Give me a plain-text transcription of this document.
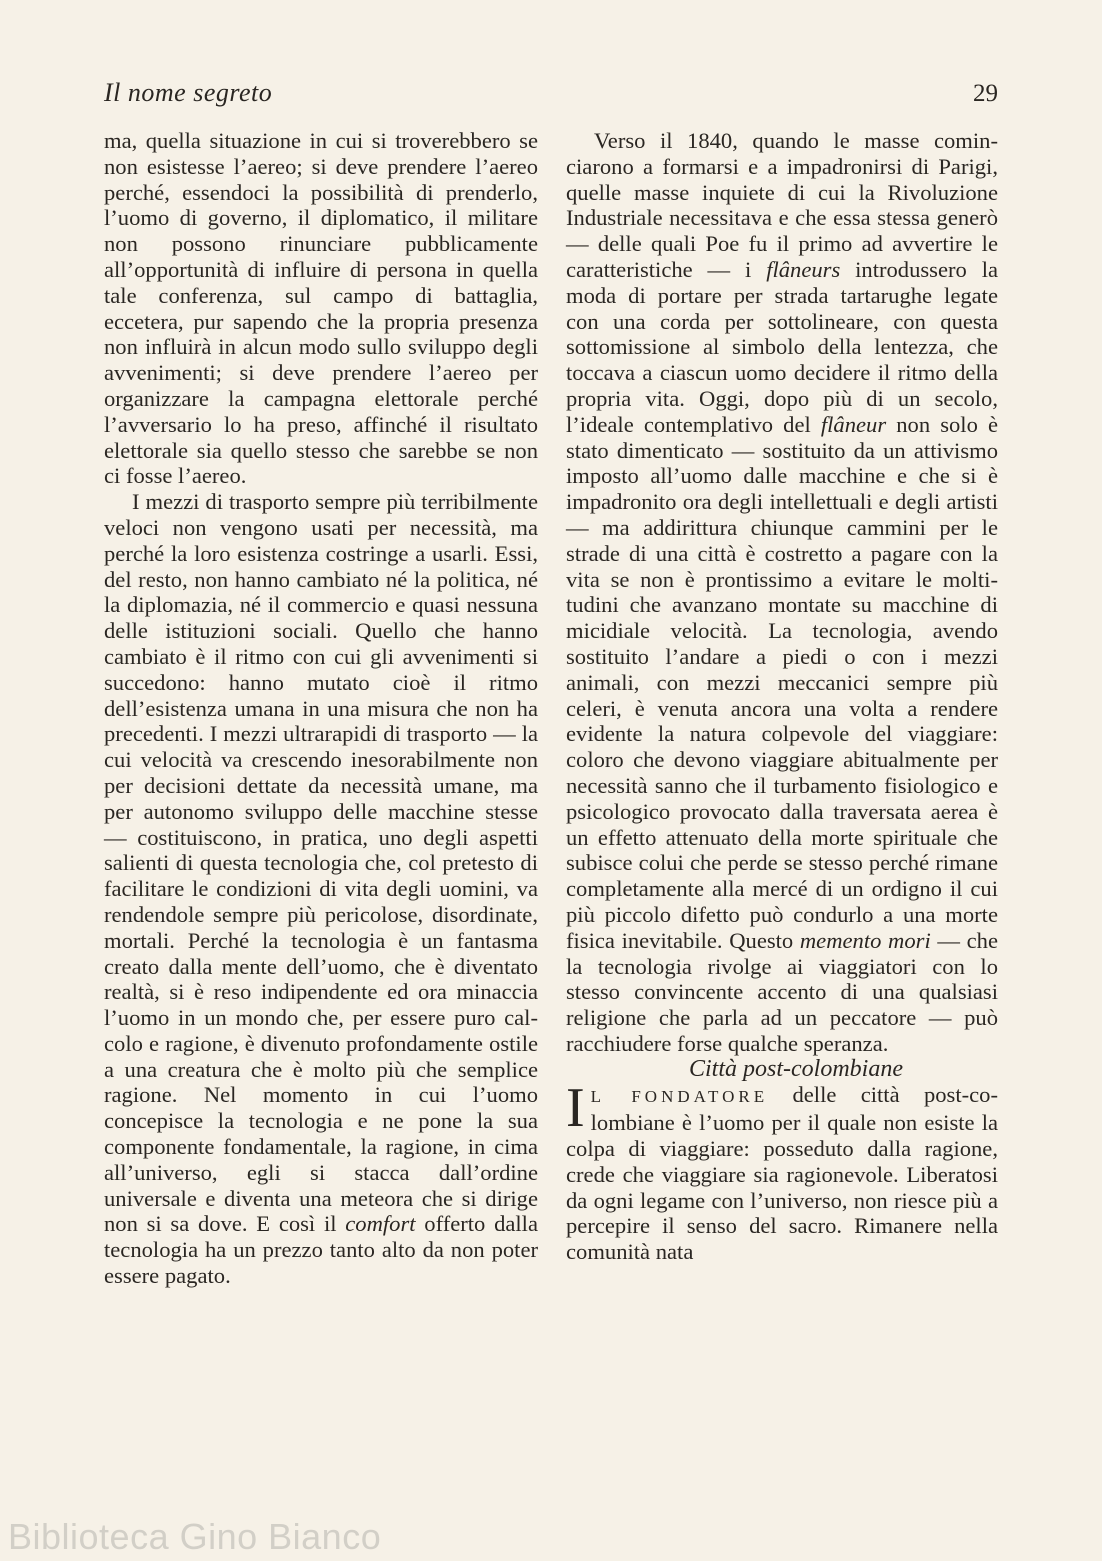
Il nome segreto	29

ma, quella situazione in cui si troverebbero se non esistesse l’aereo; si deve prendere l’aereo perché, essendoci la possibilità di prenderlo, l’uomo di governo, il diplomatico, il militare non possono rinunciare pubblicamente all’opportunità di influire di persona in quella tale conferenza, sul campo di battaglia, eccetera, pur sapendo che la propria presenza non influirà in alcun modo sullo sviluppo degli avvenimenti; si deve prendere l’aereo per organizzare la campagna elettorale perché l’avversario lo ha preso, affinché il risultato elettorale sia quello stesso che sarebbe se non ci fosse l’aereo.

I mezzi di trasporto sempre più terribilmente veloci non vengono usati per necessità, ma perché la loro esistenza costringe a usarli. Essi, del resto, non hanno cambiato né la politica, né la diplomazia, né il commercio e quasi nessuna delle istituzioni sociali. Quello che hanno cambiato è il ritmo con cui gli avvenimenti si succedono: hanno mutato cioè il ritmo dell’esistenza umana in una misura che non ha precedenti. I mezzi ultrarapidi di trasporto — la cui velocità va crescendo inesorabilmente non per decisioni dettate da necessità umane, ma per autonomo sviluppo delle macchine stesse — costituiscono, in pratica, uno degli aspetti salienti di questa tecnologia che, col pretesto di facilitare le condizioni di vita degli uomini, va rendendole sempre più pericolose, disordinate, mortali. Perché la tecnologia è un fantasma creato dalla mente dell’uomo, che è diventato realtà, si è reso indipendente ed ora minaccia l’uomo in un mondo che, per essere puro calcolo e ragione, è divenuto profondamente ostile a una creatura che è molto più che semplice ragione. Nel momento in cui l’uomo concepisce la tecnologia e ne pone la sua componente fondamentale, la ragione, in cima all’universo, egli si stacca dall’ordine universale e diventa una meteora che si dirige non si sa dove. E così il comfort offerto dalla tecnologia ha un prezzo tanto alto da non poter essere pagato.

Verso il 1840, quando le masse cominciarono a formarsi e a impadronirsi di Parigi, quelle masse inquiete di cui la Rivoluzione Industriale necessitava e che essa stessa generò — delle quali Poe fu il primo ad avvertire le caratteristiche — i flâneurs introdussero la moda di portare per strada tartarughe legate con una corda per sottolineare, con questa sottomissione al simbolo della lentezza, che toccava a ciascun uomo decidere il ritmo della propria vita. Oggi, dopo più di un secolo, l’ideale contemplativo del flâneur non solo è stato dimenticato — sostituito da un attivismo imposto all’uomo dalle macchine e che si è impadronito ora degli intellettuali e degli artisti — ma addirittura chiunque cammini per le strade di una città è costretto a pagare con la vita se non è prontissimo a evitare le moltitudini che avanzano montate su macchine di micidiale velocità. La tecnologia, avendo sostituito l’andare a piedi o con i mezzi animali, con mezzi meccanici sempre più celeri, è venuta ancora una volta a rendere evidente la natura colpevole del viaggiare: coloro che devono viaggiare abitualmente per necessità sanno che il turbamento fisiologico e psicologico provocato dalla traversata aerea è un effetto attenuato della morte spirituale che subisce colui che perde se stesso perché rimane completamente alla mercé di un ordigno il cui più piccolo difetto può condurlo a una morte fisica inevitabile. Questo memento mori — che la tecnologia rivolge ai viaggiatori con lo stesso convincente accento di una qualsiasi religione che parla ad un peccatore — può racchiudere forse qualche speranza.

Città post-colombiane

I L FONDATORE delle città post-colombiane è l’uomo per il quale non esiste la colpa di viaggiare: posseduto dalla ragione, crede che viaggiare sia ragionevole. Liberatosi da ogni legame con l’universo, non riesce più a percepire il senso del sacro. Rimanere nella comunità nata

Biblioteca Gino Bianco
